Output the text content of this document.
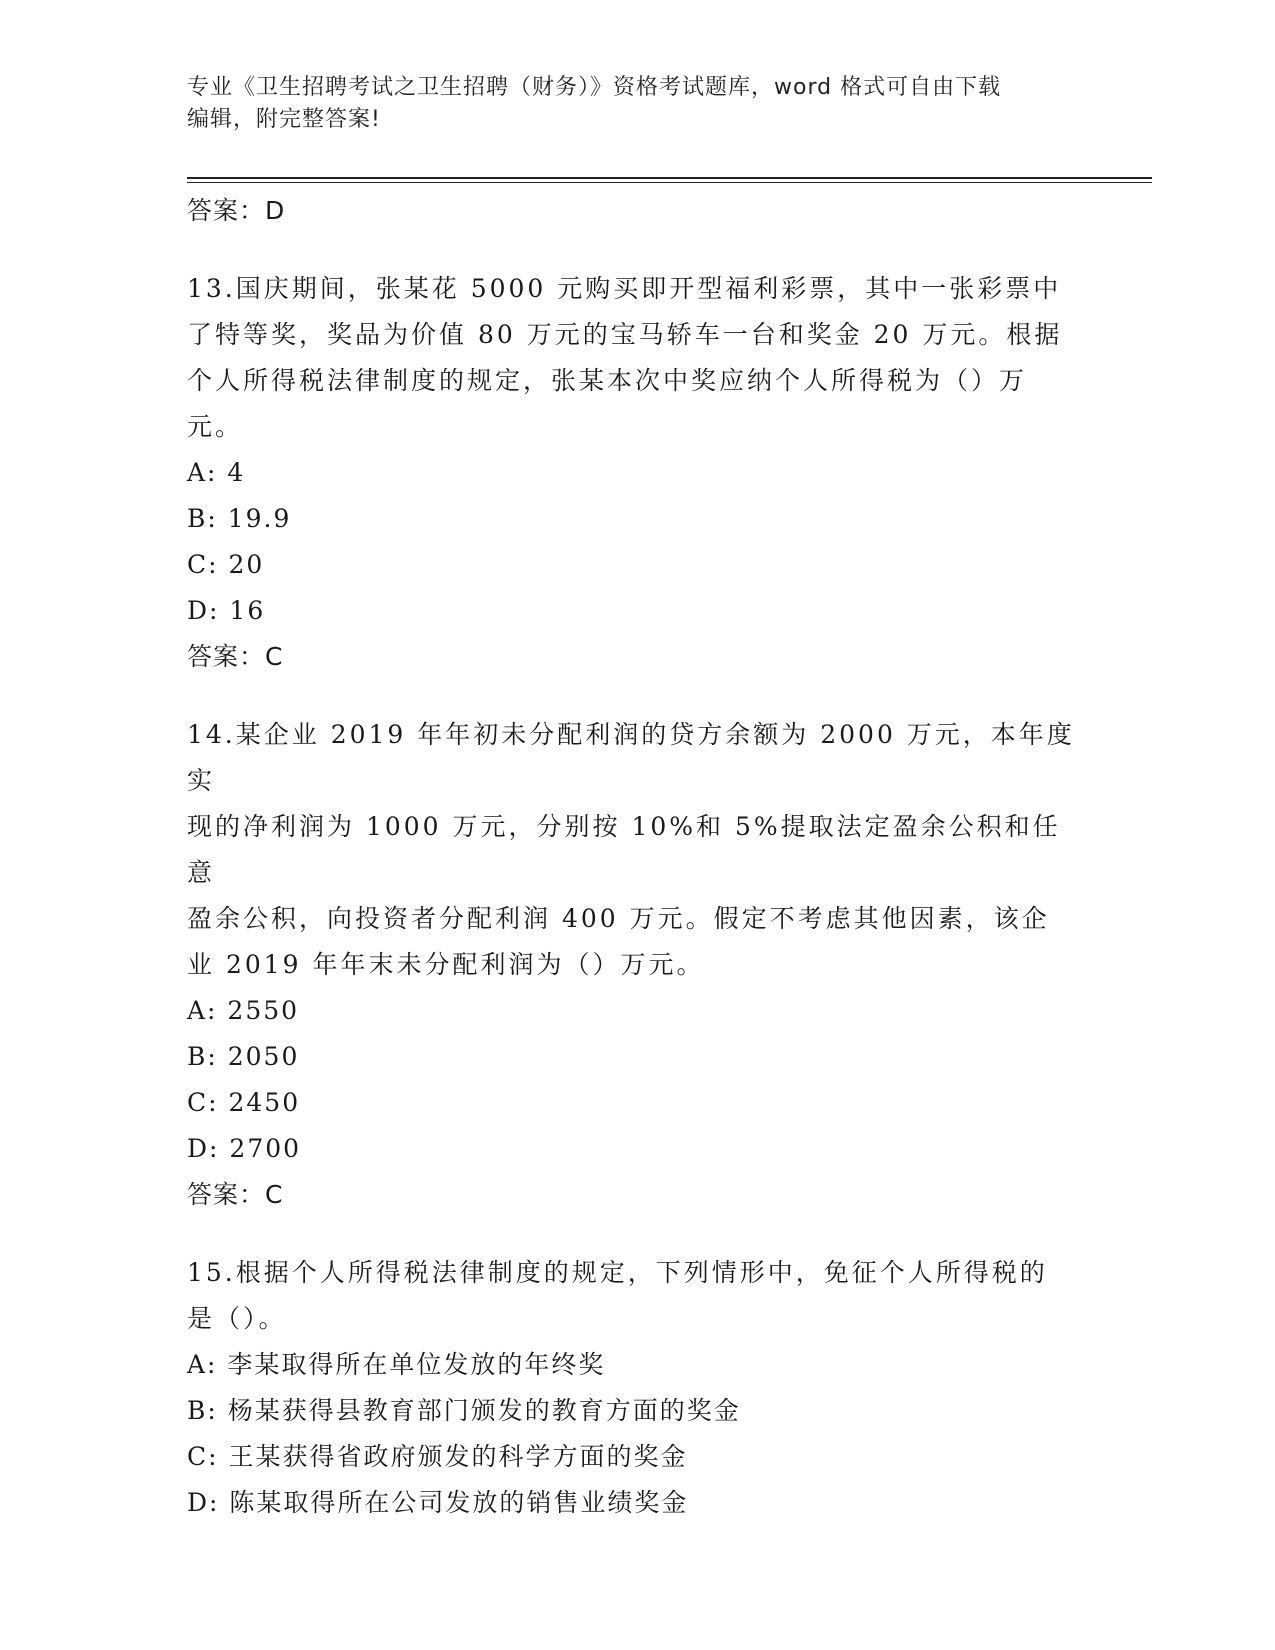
专业《卫生招聘考试之卫生招聘（财务）》资格考试题库，word 格式可自由下载
编辑，附完整答案!
答案：D
13.国庆期间，张某花 5000 元购买即开型福利彩票，其中一张彩票中
了特等奖，奖品为价值 80 万元的宝马轿车一台和奖金 20 万元。根据
个人所得税法律制度的规定，张某本次中奖应纳个人所得税为（）万
元。
A: 4
B: 19.9
C: 20
D: 16
答案：C
14.某企业 2019 年年初未分配利润的贷方余额为 2000 万元，本年度实
现的净利润为 1000 万元，分别按 10%和 5%提取法定盈余公积和任意
盈余公积，向投资者分配利润 400 万元。假定不考虑其他因素，该企
业 2019 年年末未分配利润为（）万元。
A: 2550
B: 2050
C: 2450
D: 2700
答案：C
15.根据个人所得税法律制度的规定，下列情形中，免征个人所得税的
是（）。
A: 李某取得所在单位发放的年终奖
B: 杨某获得县教育部门颁发的教育方面的奖金
C: 王某获得省政府颁发的科学方面的奖金
D: 陈某取得所在公司发放的销售业绩奖金
